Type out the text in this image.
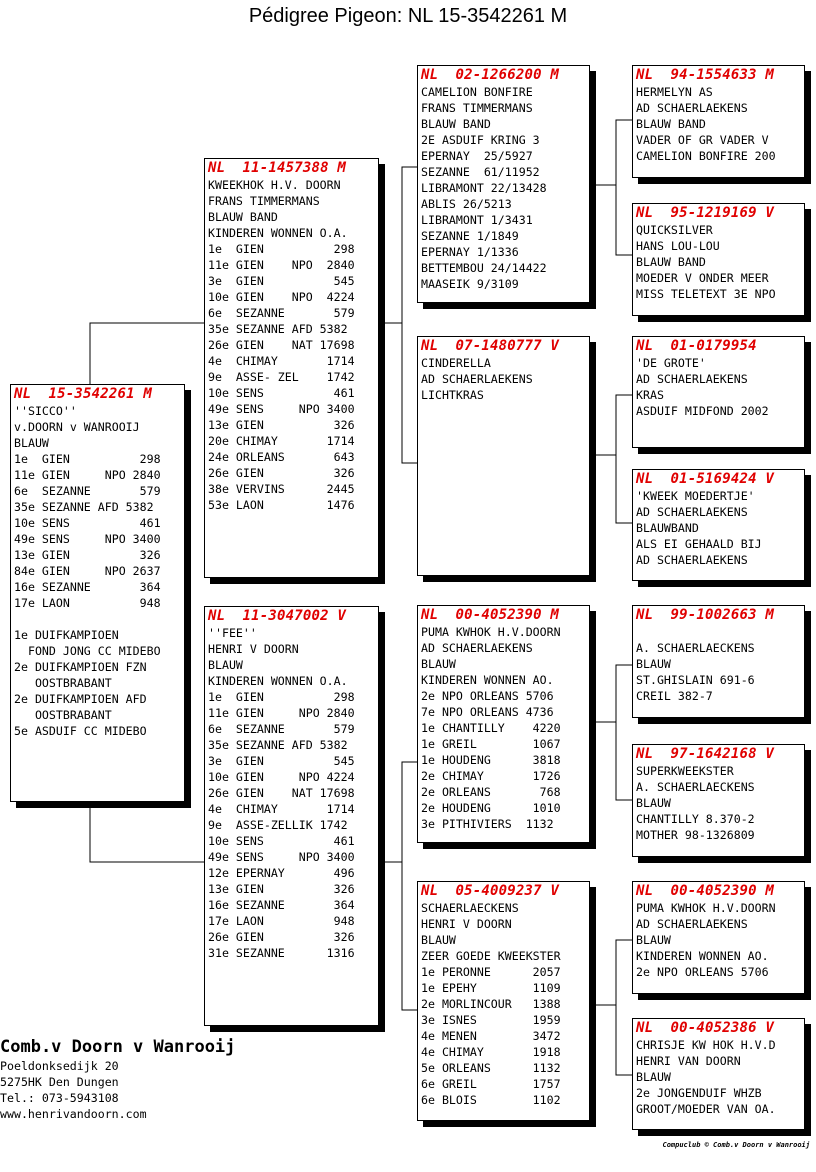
Pédigree Pigeon: NL 15-3542261 M
NL  15-3542261 M
''SICCO''
v.DOORN v WANROOIJ
BLAUW
1e  GIEN          298
11e GIEN     NPO 2840
6e  SEZANNE       579
35e SEZANNE AFD 5382
10e SENS          461
49e SENS     NPO 3400
13e GIEN          326
84e GIEN     NPO 2637
16e SEZANNE       364
17e LAON          948
1e DUIFKAMPIOEN
FOND JONG CC MIDEBO
2e DUIFKAMPIOEN FZN
OOSTBRABANT
2e DUIFKAMPIOEN AFD
OOSTBRABANT
5e ASDUIF CC MIDEBO
NL  11-1457388 M
KWEEKHOK H.V. DOORN
FRANS TIMMERMANS
BLAUW BAND
KINDEREN WONNEN O.A.
1e  GIEN          298
11e GIEN    NPO  2840
3e  GIEN          545
10e GIEN    NPO  4224
6e  SEZANNE       579
35e SEZANNE AFD 5382
26e GIEN    NAT 17698
4e  CHIMAY       1714
9e  ASSE- ZEL    1742
10e SENS          461
49e SENS     NPO 3400
13e GIEN          326
20e CHIMAY       1714
24e ORLEANS       643
26e GIEN          326
38e VERVINS      2445
53e LAON         1476
NL  11-3047002 V
''FEE''
HENRI V DOORN
BLAUW
KINDEREN WONNEN O.A.
1e  GIEN          298
11e GIEN     NPO 2840
6e  SEZANNE       579
35e SEZANNE AFD 5382
3e  GIEN          545
10e GIEN     NPO 4224
26e GIEN    NAT 17698
4e  CHIMAY       1714
9e  ASSE-ZELLIK 1742
10e SENS          461
49e SENS     NPO 3400
12e EPERNAY       496
13e GIEN          326
16e SEZANNE       364
17e LAON          948
26e GIEN          326
31e SEZANNE      1316
NL  02-1266200 M
CAMELION BONFIRE
FRANS TIMMERMANS
BLAUW BAND
2E ASDUIF KRING 3
EPERNAY  25/5927
SEZANNE  61/11952
LIBRAMONT 22/13428
ABLIS 26/5213
LIBRAMONT 1/3431
SEZANNE 1/1849
EPERNAY 1/1336
BETTEMBOU 24/14422
MAASEIK 9/3109
NL  07-1480777 V
CINDERELLA
AD SCHAERLAEKENS
LICHTKRAS
NL  00-4052390 M
PUMA KWHOK H.V.DOORN
AD SCHAERLAEKENS
BLAUW
KINDEREN WONNEN AO.
2e NPO ORLEANS 5706
7e NPO ORLEANS 4736
1e CHANTILLY    4220
1e GREIL        1067
1e HOUDENG      3818
2e CHIMAY       1726
2e ORLEANS       768
2e HOUDENG      1010
3e PITHIVIERS  1132
NL  05-4009237 V
SCHAERLAECKENS
HENRI V DOORN
BLAUW
ZEER GOEDE KWEEKSTER
1e PERONNE      2057
1e EPEHY        1109
2e MORLINCOUR   1388
3e ISNES        1959
4e MENEN        3472
4e CHIMAY       1918
5e ORLEANS      1132
6e GREIL        1757
6e BLOIS        1102
NL  94-1554633 M
HERMELYN AS
AD SCHAERLAEKENS
BLAUW BAND
VADER OF GR VADER V
CAMELION BONFIRE 200
NL  95-1219169 V
QUICKSILVER
HANS LOU-LOU
BLAUW BAND
MOEDER V ONDER MEER
MISS TELETEXT 3E NPO
NL  01-0179954
'DE GROTE'
AD SCHAERLAEKENS
KRAS
ASDUIF MIDFOND 2002
NL  01-5169424 V
'KWEEK MOEDERTJE'
AD SCHAERLAEKENS
BLAUWBAND
ALS EI GEHAALD BIJ
AD SCHAERLAEKENS
NL  99-1002663 M
A. SCHAERLAECKENS
BLAUW
ST.GHISLAIN 691-6
CREIL 382-7
NL  97-1642168 V
SUPERKWEEKSTER
A. SCHAERLAECKENS
BLAUW
CHANTILLY 8.370-2
MOTHER 98-1326809
NL  00-4052390 M
PUMA KWHOK H.V.DOORN
AD SCHAERLAEKENS
BLAUW
KINDEREN WONNEN AO.
2e NPO ORLEANS 5706
NL  00-4052386 V
CHRISJE KW HOK H.V.D
HENRI VAN DOORN
BLAUW
2e JONGENDUIF WHZB
GROOT/MOEDER VAN OA.
Comb.v Doorn v Wanrooij
Poeldonksedijk 20
5275HK Den Dungen
Tel.: 073-5943108
www.henrivandoorn.com
Compuclub © Comb.v Doorn v Wanrooij
